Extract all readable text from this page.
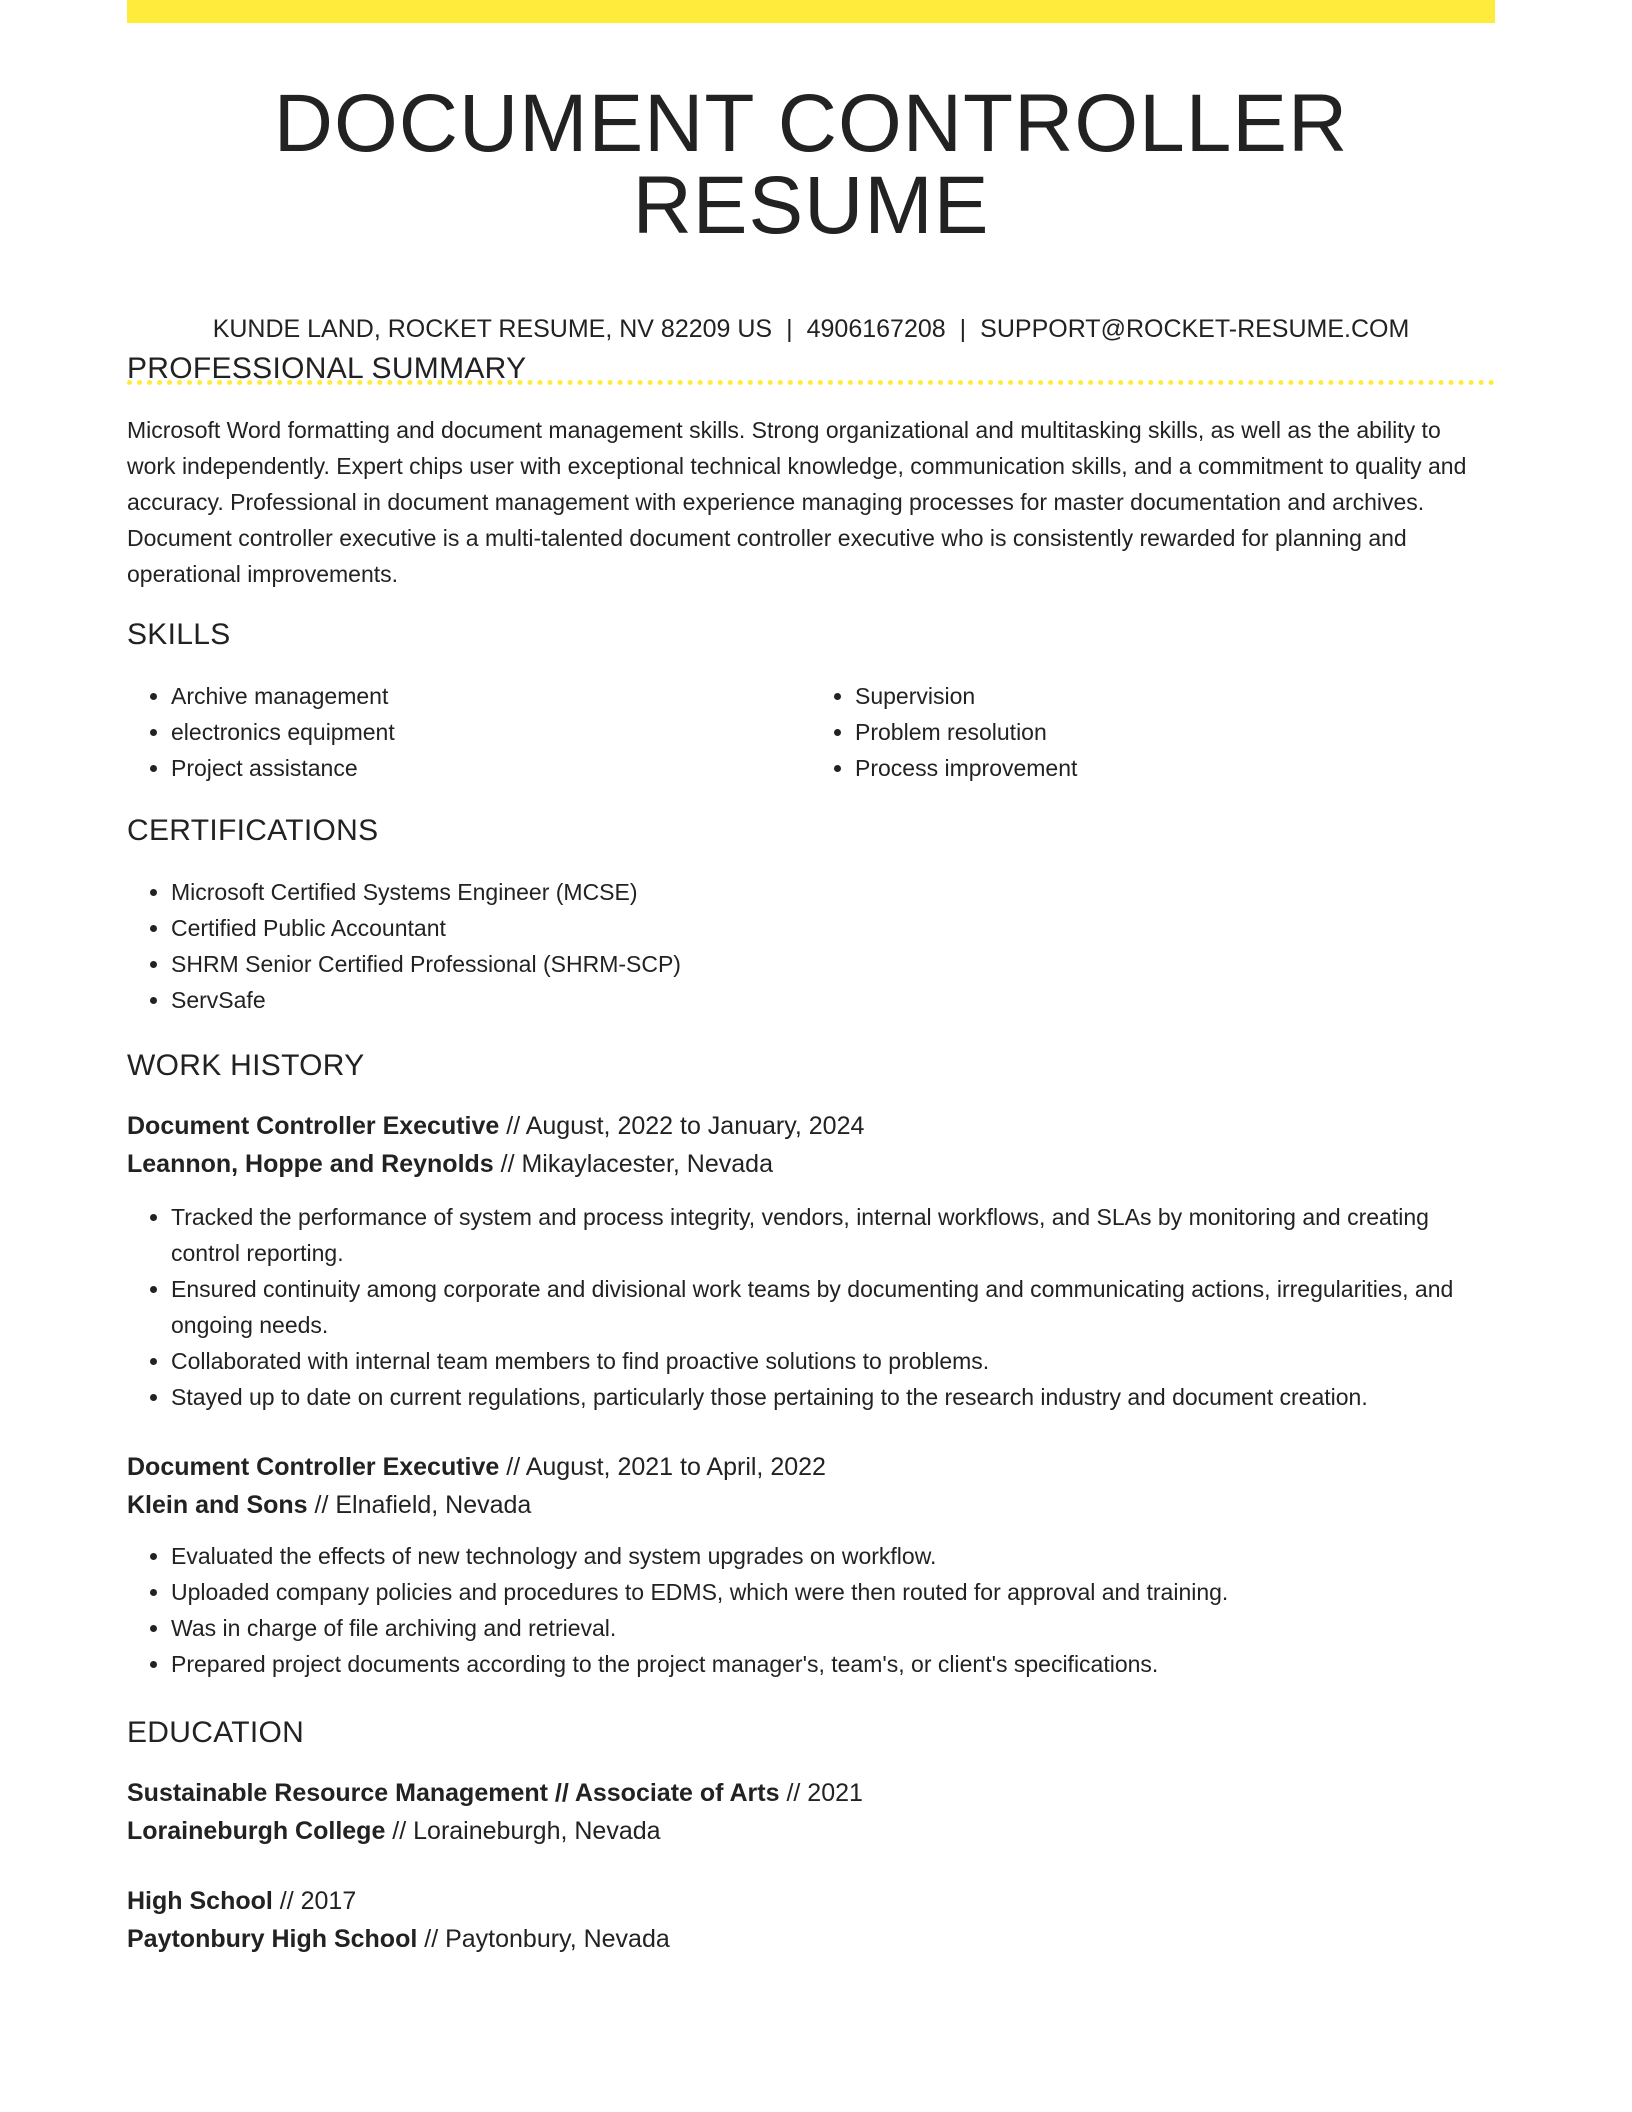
DOCUMENT CONTROLLER RESUME
KUNDE LAND, ROCKET RESUME, NV 82209 US | 4906167208 | SUPPORT@ROCKET-RESUME.COM
PROFESSIONAL SUMMARY

Microsoft Word formatting and document management skills. Strong organizational and multitasking skills, as well as the ability to work independently. Expert chips user with exceptional technical knowledge, communication skills, and a commitment to quality and accuracy. Professional in document management with experience managing processes for master documentation and archives. Document controller executive is a multi-talented document controller executive who is consistently rewarded for planning and operational improvements.

SKILLS
• Archive management
• electronics equipment
• Project assistance
• Supervision
• Problem resolution
• Process improvement
CERTIFICATIONS
• Microsoft Certified Systems Engineer (MCSE)
• Certified Public Accountant
• SHRM Senior Certified Professional (SHRM-SCP)
• ServSafe
WORK HISTORY
Document Controller Executive // August, 2022 to January, 2024
Leannon, Hoppe and Reynolds // Mikaylacester, Nevada
• Tracked the performance of system and process integrity, vendors, internal workflows, and SLAs by monitoring and creating control reporting.
• Ensured continuity among corporate and divisional work teams by documenting and communicating actions, irregularities, and ongoing needs.
• Collaborated with internal team members to find proactive solutions to problems.
• Stayed up to date on current regulations, particularly those pertaining to the research industry and document creation.
Document Controller Executive // August, 2021 to April, 2022
Klein and Sons // Elnafield, Nevada
• Evaluated the effects of new technology and system upgrades on workflow.
• Uploaded company policies and procedures to EDMS, which were then routed for approval and training.
• Was in charge of file archiving and retrieval.
• Prepared project documents according to the project manager's, team's, or client's specifications.
EDUCATION
Sustainable Resource Management // Associate of Arts // 2021
Loraineburgh College // Loraineburgh, Nevada
High School // 2017
Paytonbury High School // Paytonbury, Nevada
